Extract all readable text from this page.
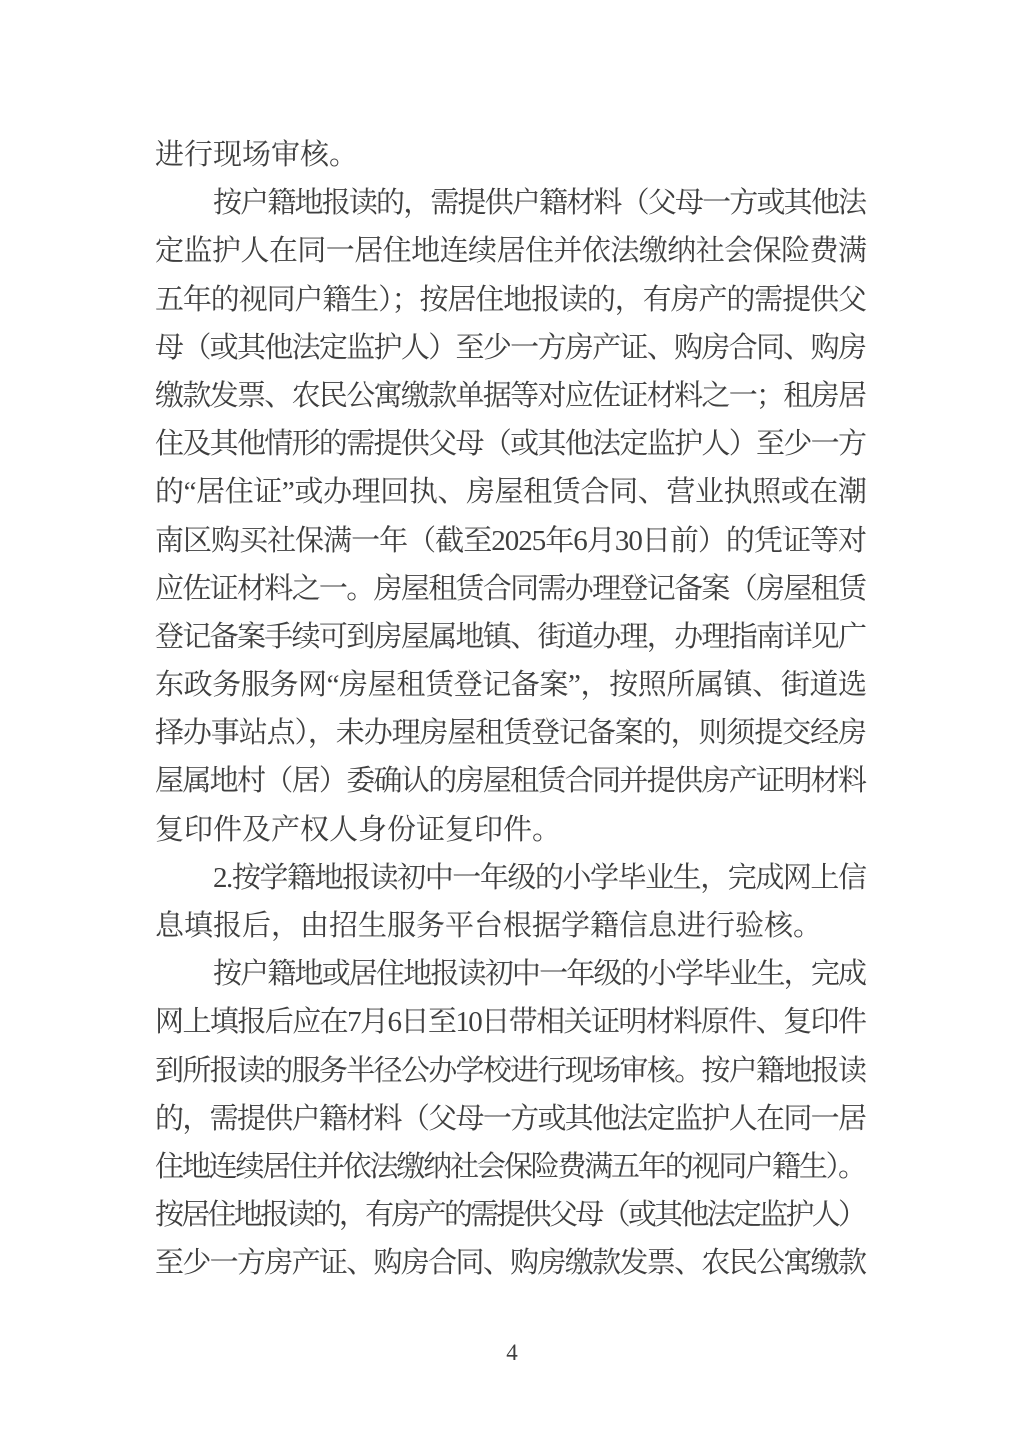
进行现场审核。
按户籍地报读的，需提供户籍材料（父母一方或其他法
定监护人在同一居住地连续居住并依法缴纳社会保险费满
五年的视同户籍生）；按居住地报读的，有房产的需提供父
母（或其他法定监护人）至少一方房产证、购房合同、购房
缴款发票、农民公寓缴款单据等对应佐证材料之一；租房居
住及其他情形的需提供父母（或其他法定监护人）至少一方
的“居住证”或办理回执、房屋租赁合同、营业执照或在潮
南区购买社保满一年（截至2025年6月30日前）的凭证等对
应佐证材料之一。房屋租赁合同需办理登记备案（房屋租赁
登记备案手续可到房屋属地镇、街道办理，办理指南详见广
东政务服务网“房屋租赁登记备案”，按照所属镇、街道选
择办事站点），未办理房屋租赁登记备案的，则须提交经房
屋属地村（居）委确认的房屋租赁合同并提供房产证明材料
复印件及产权人身份证复印件。
2.按学籍地报读初中一年级的小学毕业生，完成网上信
息填报后，由招生服务平台根据学籍信息进行验核。
按户籍地或居住地报读初中一年级的小学毕业生，完成
网上填报后应在7月6日至10日带相关证明材料原件、复印件
到所报读的服务半径公办学校进行现场审核。按户籍地报读
的，需提供户籍材料（父母一方或其他法定监护人在同一居
住地连续居住并依法缴纳社会保险费满五年的视同户籍生）。
按居住地报读的，有房产的需提供父母（或其他法定监护人）
至少一方房产证、购房合同、购房缴款发票、农民公寓缴款
4
